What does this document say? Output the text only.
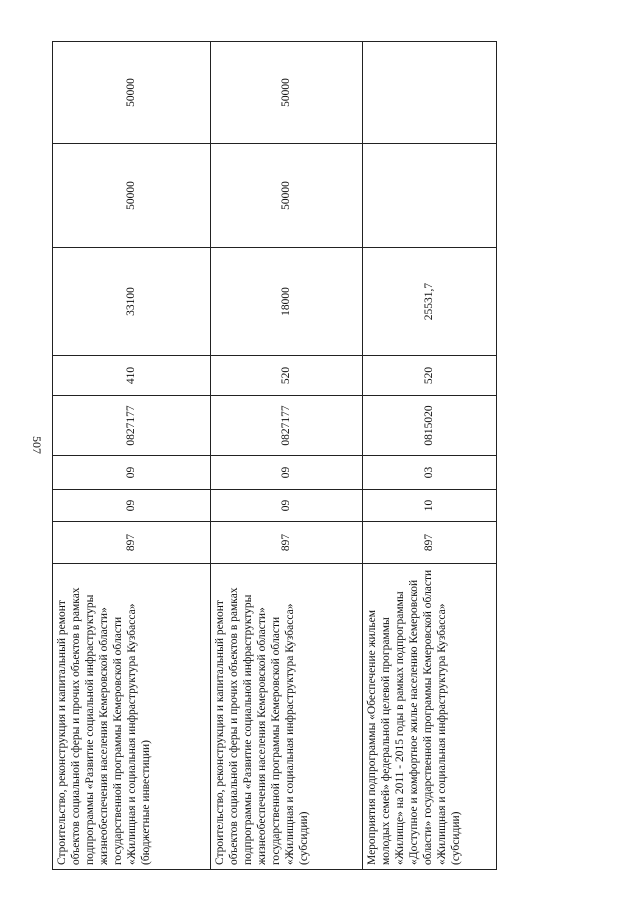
507
Строительство, реконструкция и капитальный ремонт объектов социальной сферы и прочих объектов в рамках подпрограммы «Развитие социальной инфраструктуры жизнеобеспечения населения Кемеровской области» государственной программы Кемеровской области «Жилищная и социальная инфраструктура Кузбасса» (бюджетные инвестиции)	897	09	09	0827177	410	33100	50000	50000
Строительство, реконструкция и капитальный ремонт объектов социальной сферы и прочих объектов в рамках подпрограммы «Развитие социальной инфраструктуры жизнеобеспечения населения Кемеровской области» государственной программы Кемеровской области «Жилищная и социальная инфраструктура Кузбасса» (субсидии)	897	09	09	0827177	520	18000	50000	50000
Мероприятия подпрограммы «Обеспечение жильем молодых семей» федеральной целевой программы «Жилище» на 2011 - 2015 годы в рамках подпрограммы «Доступное и комфортное жилье населению Кемеровской области» государственной программы Кемеровской области «Жилищная и социальная инфраструктура Кузбасса» (субсидии)	897	10	03	0815020	520	25531,7		
